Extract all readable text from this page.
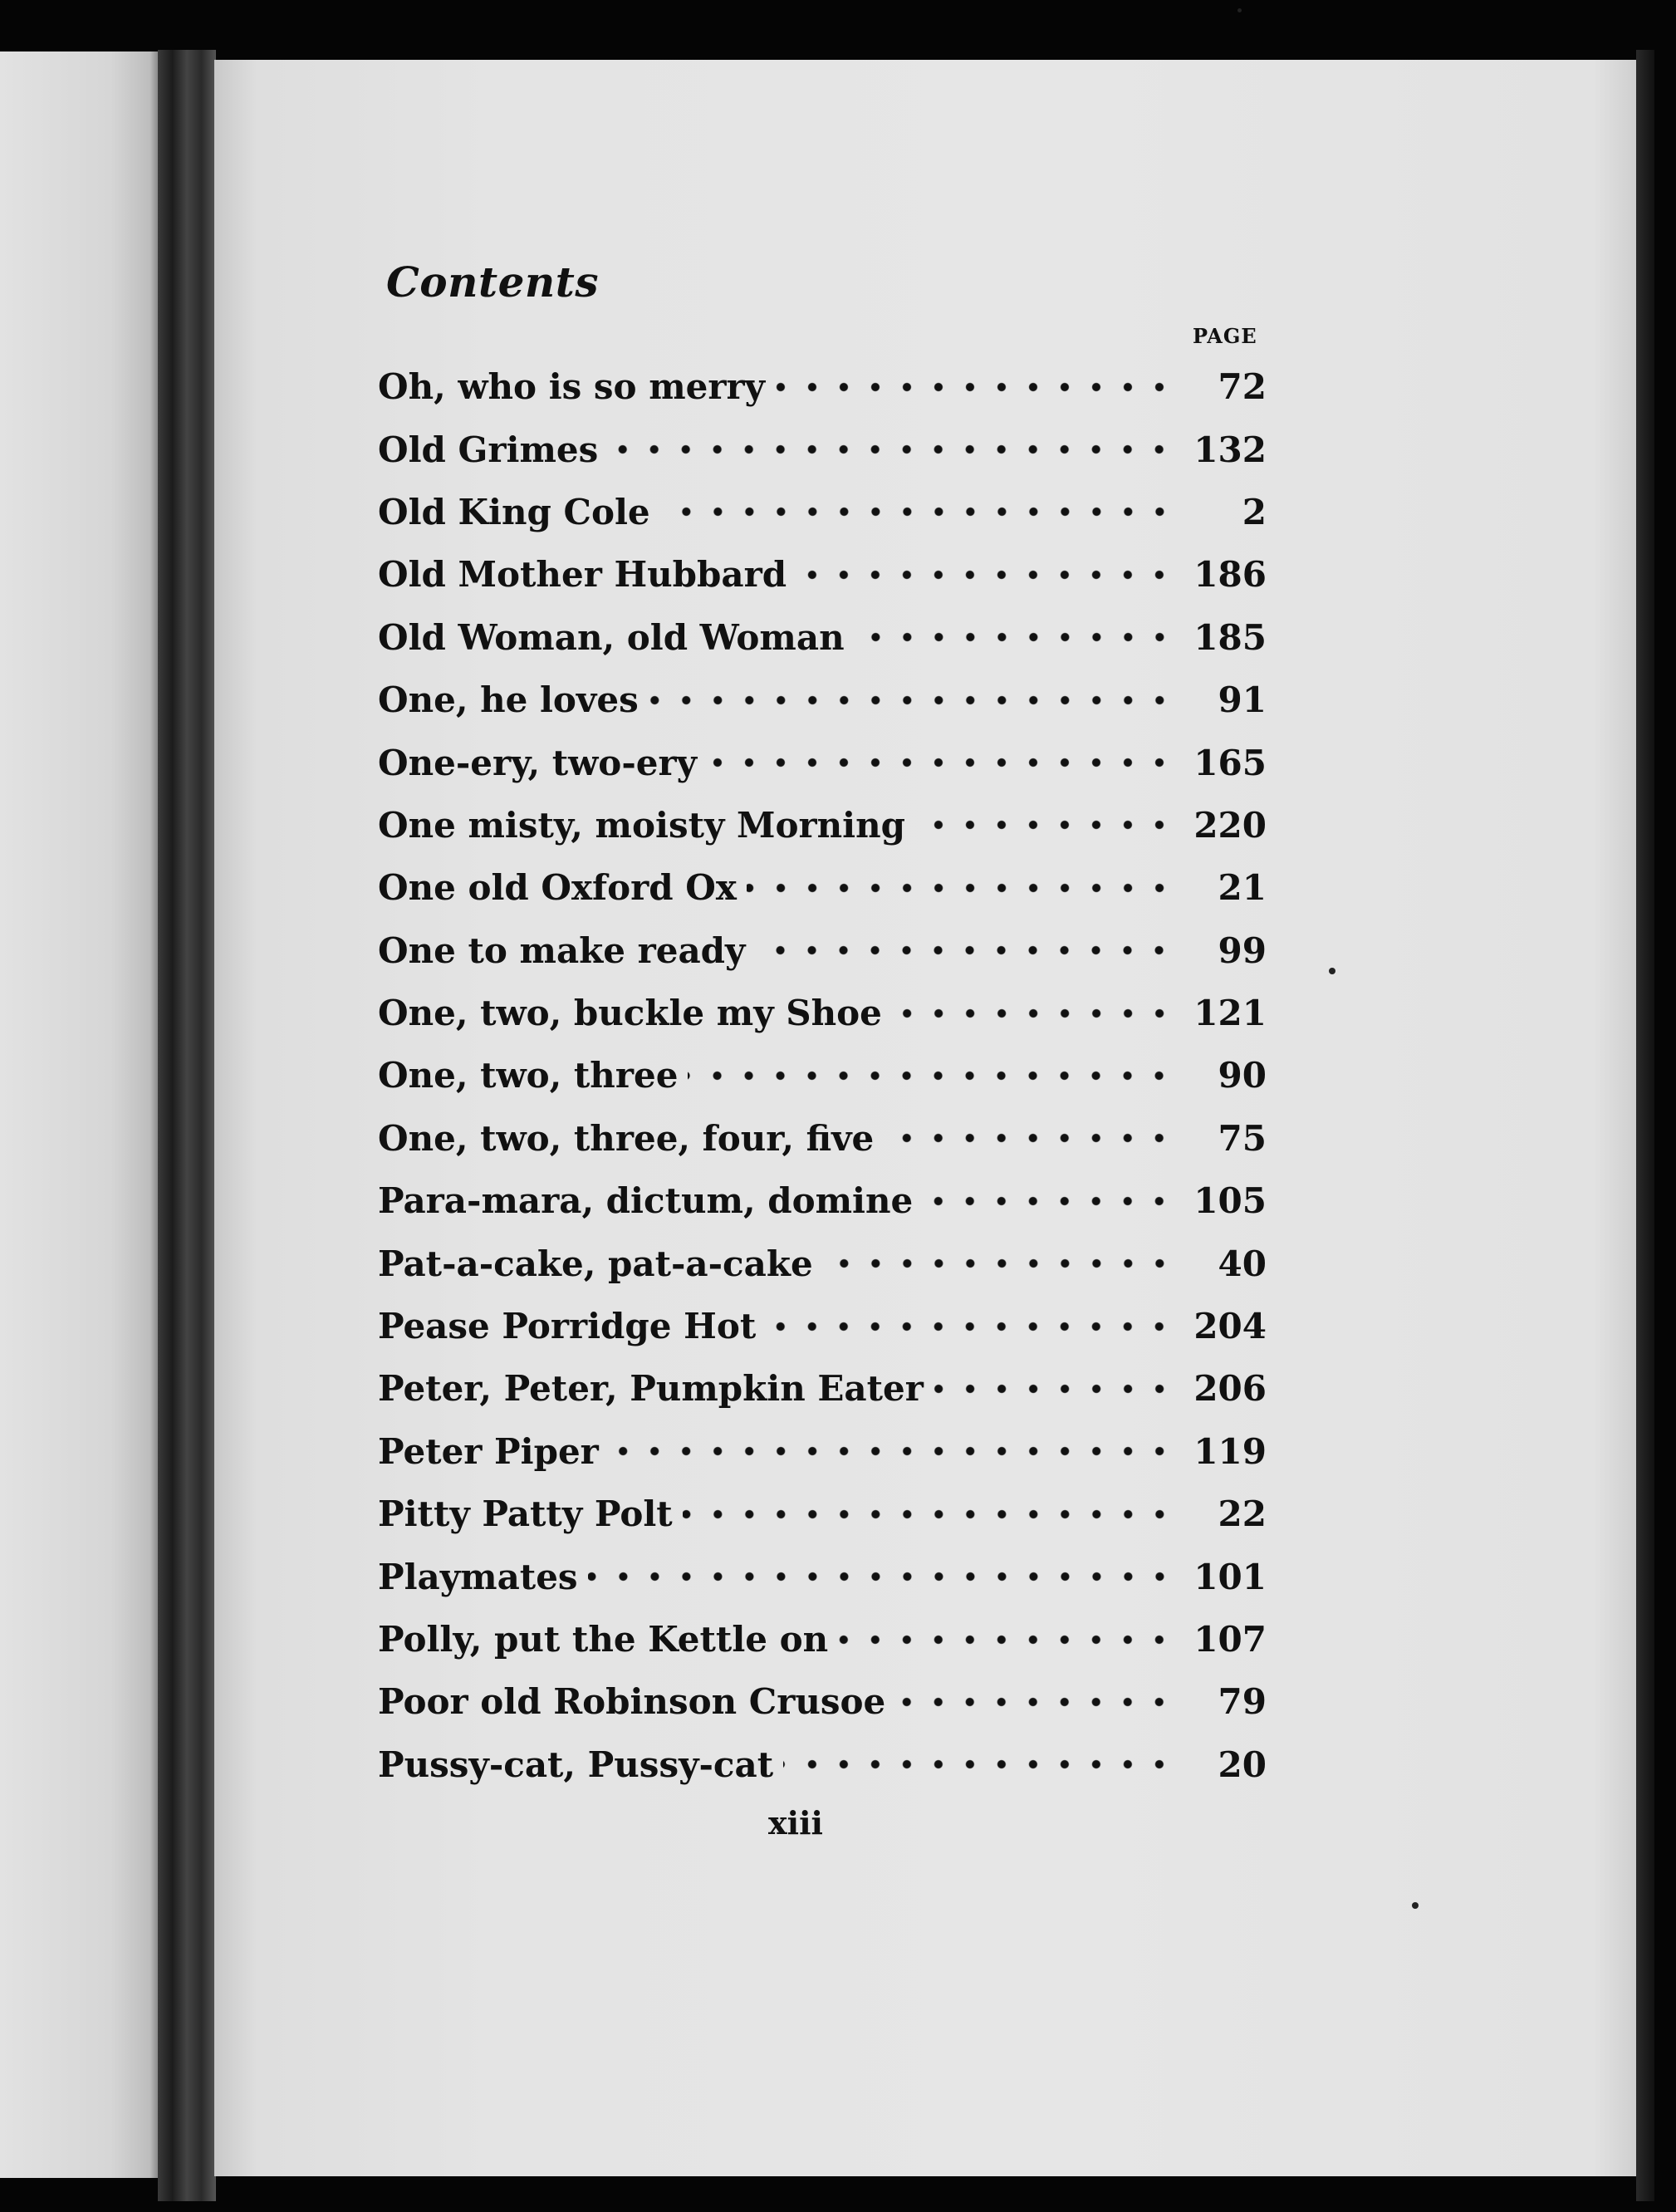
Contents
PAGE
Oh, who is so merry	72
Old Grimes	132
Old King Cole	2
Old Mother Hubbard	186
Old Woman, old Woman	185
One, he loves	91
One-ery, two-ery	165
One misty, moisty Morning	220
One old Oxford Ox	21
One to make ready	99
One, two, buckle my Shoe	121
One, two, three	90
One, two, three, four, five	75
Para-mara, dictum, domine	105
Pat-a-cake, pat-a-cake	40
Pease Porridge Hot	204
Peter, Peter, Pumpkin Eater	206
Peter Piper	119
Pitty Patty Polt	22
Playmates	101
Polly, put the Kettle on	107
Poor old Robinson Crusoe	79
Pussy-cat, Pussy-cat	20
xiii
